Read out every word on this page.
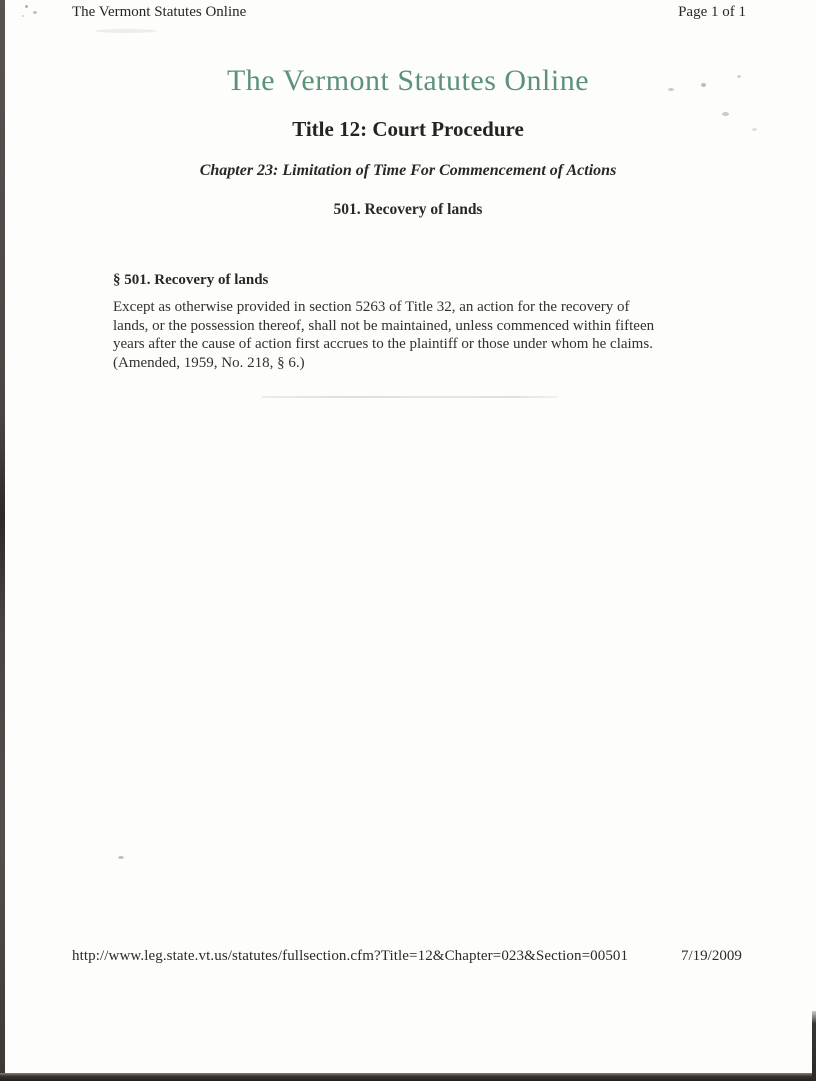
The Vermont Statutes Online	Page 1 of 1
The Vermont Statutes Online
Title 12: Court Procedure
Chapter 23: Limitation of Time For Commencement of Actions
501. Recovery of lands
§ 501. Recovery of lands
Except as otherwise provided in section 5263 of Title 32, an action for the recovery of
lands, or the possession thereof, shall not be maintained, unless commenced within fifteen
years after the cause of action first accrues to the plaintiff or those under whom he claims.
(Amended, 1959, No. 218, § 6.)
http://www.leg.state.vt.us/statutes/fullsection.cfm?Title=12&Chapter=023&Section=00501	7/19/2009
